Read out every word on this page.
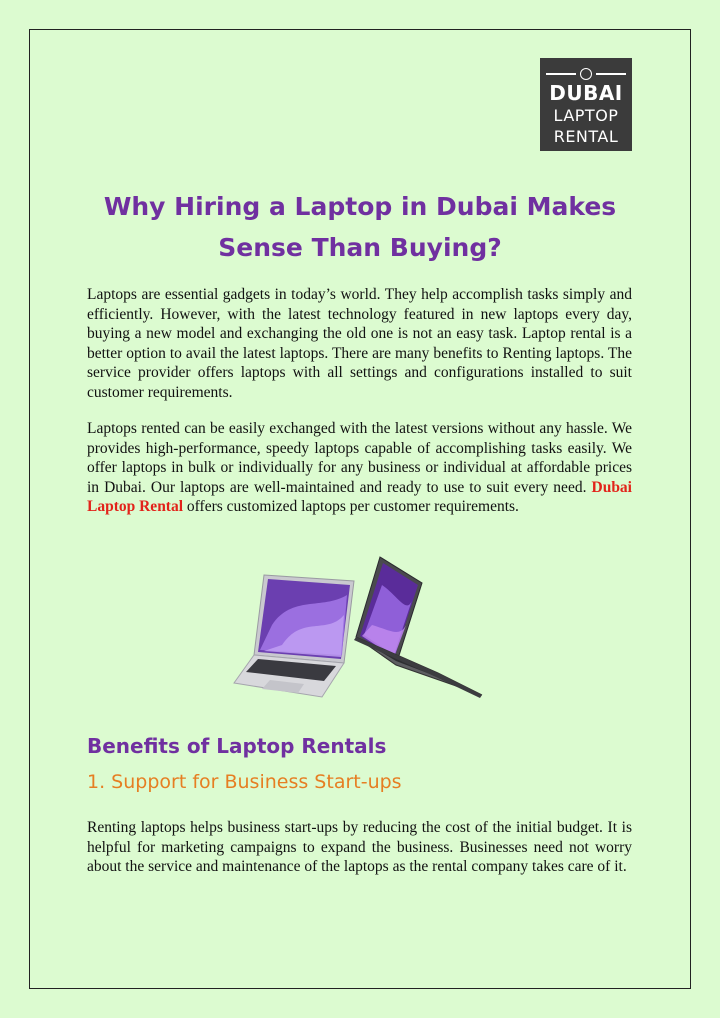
DUBAI
LAPTOP
RENTAL
Why Hiring a Laptop in Dubai Makes Sense Than Buying?
Laptops are essential gadgets in today’s world. They help accomplish tasks simply and efficiently. However, with the latest technology featured in new laptops every day, buying a new model and exchanging the old one is not an easy task. Laptop rental is a better option to avail the latest laptops. There are many benefits to Renting laptops. The service provider offers laptops with all settings and configurations installed to suit customer requirements.
Laptops rented can be easily exchanged with the latest versions without any hassle. We provides high-performance, speedy laptops capable of accomplishing tasks easily. We offer laptops in bulk or individually for any business or individual at affordable prices in Dubai. Our laptops are well-maintained and ready to use to suit every need. Dubai Laptop Rental offers customized laptops per customer requirements.
Benefits of Laptop Rentals
1. Support for Business Start-ups
Renting laptops helps business start-ups by reducing the cost of the initial budget. It is helpful for marketing campaigns to expand the business. Businesses need not worry about the service and maintenance of the laptops as the rental company takes care of it.
